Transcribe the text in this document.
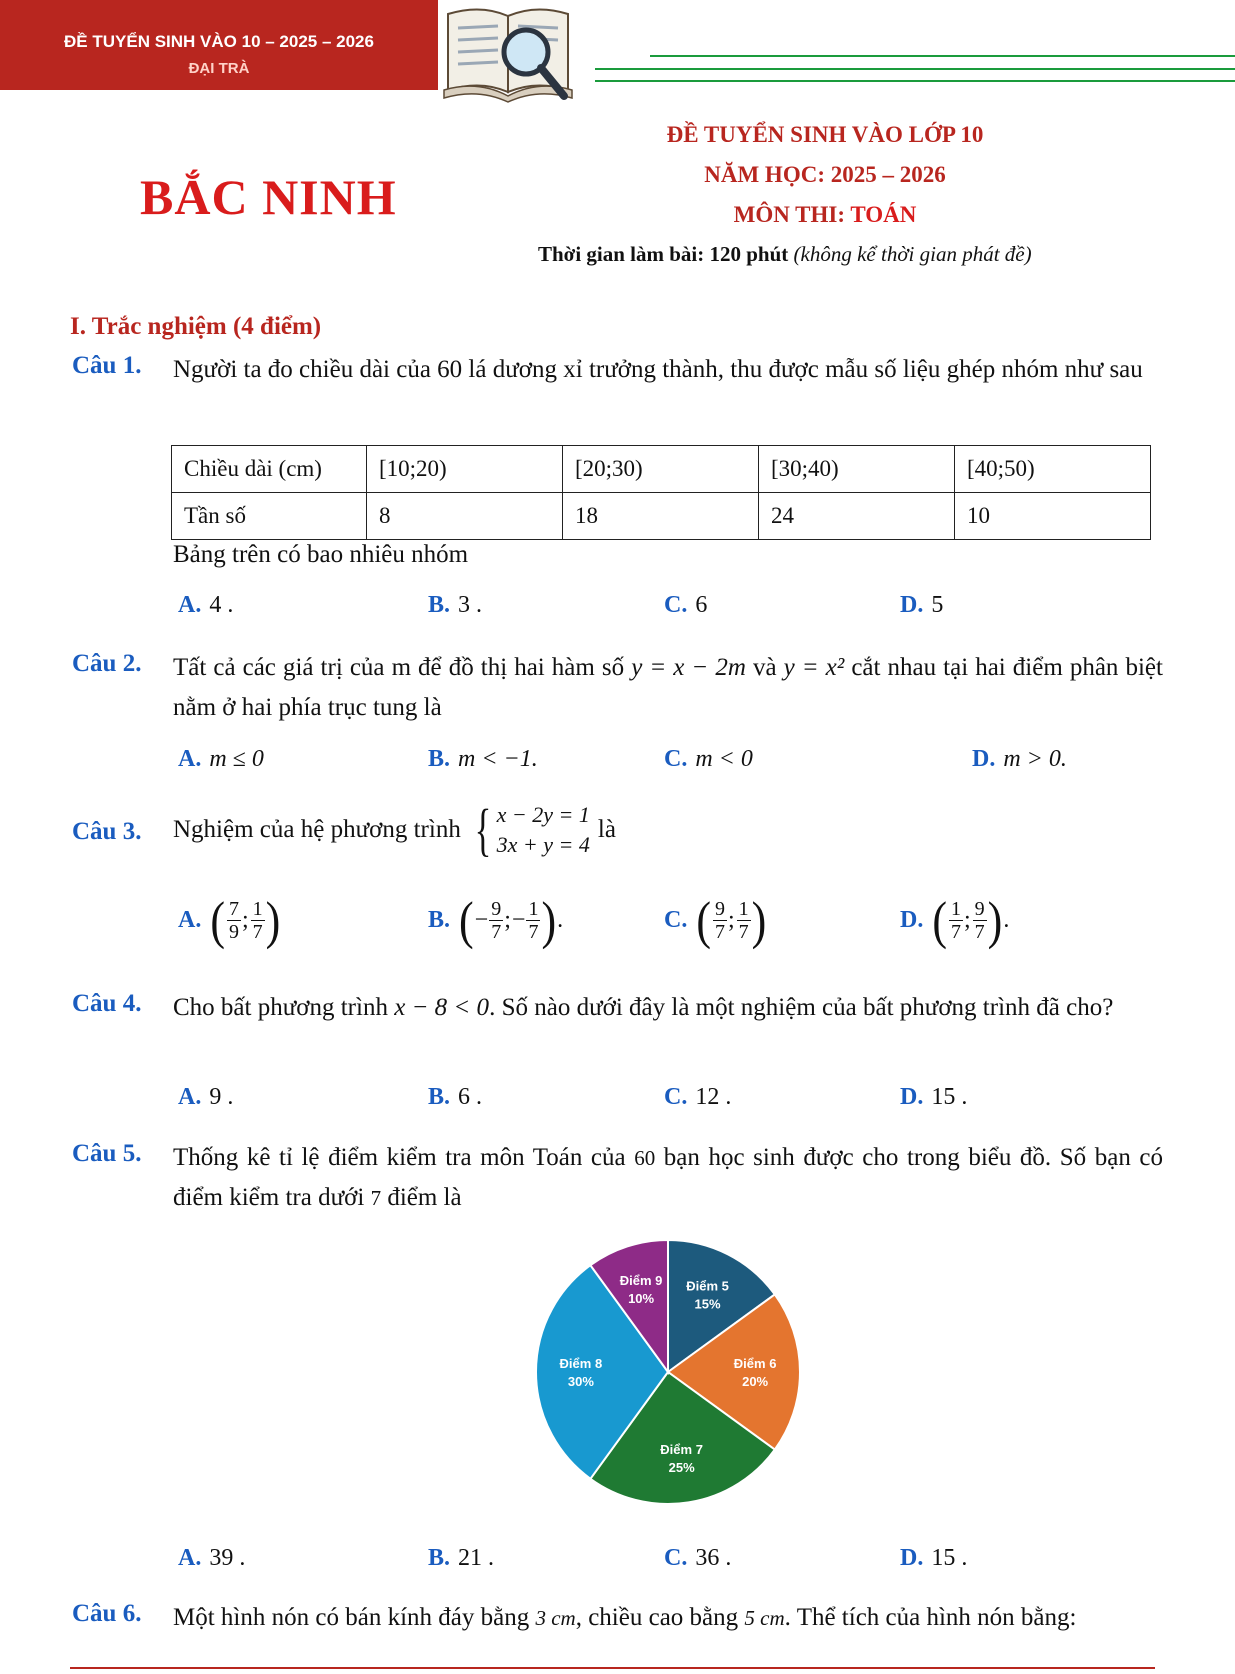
ĐỀ TUYỂN SINH VÀO 10 – 2025 – 2026
ĐẠI TRÀ
BẮC NINH
ĐỀ TUYỂN SINH VÀO LỚP 10
NĂM HỌC: 2025 – 2026
MÔN THI: TOÁN
Thời gian làm bài: 120 phút (không kể thời gian phát đề)
I. Trắc nghiệm (4 điểm)
Câu 1. Người ta đo chiều dài của 60 lá dương xỉ trưởng thành, thu được mẫu số liệu ghép nhóm như sau
Chiều dài (cm)	[10;20)	[20;30)	[30;40)	[40;50)
Tần số	8	18	24	10
Bảng trên có bao nhiêu nhóm
A. 4 .	B. 3 .	C. 6	D. 5
Câu 2. Tất cả các giá trị của m để đồ thị hai hàm số y = x − 2m và y = x² cắt nhau tại hai điểm phân biệt nằm ở hai phía trục tung là
A. m ≤ 0	B. m < −1.	C. m < 0	D. m > 0.
Câu 3. Nghiệm của hệ phương trình { x − 2y = 1
3x + y = 4
là
A. ( $\frac{7}{9}$ ; $\frac{1}{7}$ )	B. ( − $\frac{9}{7}$ ; − $\frac{1}{7}$ ) .	C. ( $\frac{9}{7}$ ; $\frac{1}{7}$ )	D. ( $\frac{1}{7}$ ; $\frac{9}{7}$ ) .
Câu 4. Cho bất phương trình x − 8 < 0. Số nào dưới đây là một nghiệm của bất phương trình đã cho?
A. 9 .	B. 6 .	C. 12 .	D. 15 .
Câu 5. Thống kê tỉ lệ điểm kiểm tra môn Toán của 60 bạn học sinh được cho trong biểu đồ. Số bạn có điểm kiểm tra dưới 7 điểm là
Điểm 5
15%
Điểm 6
20%
Điểm 7
25%
Điểm 8
30%
Điểm 9
10%
A. 39 .	B. 21 .	C. 36 .	D. 15 .
Câu 6. Một hình nón có bán kính đáy bằng 3 cm, chiều cao bằng 5 cm. Thể tích của hình nón bằng:
